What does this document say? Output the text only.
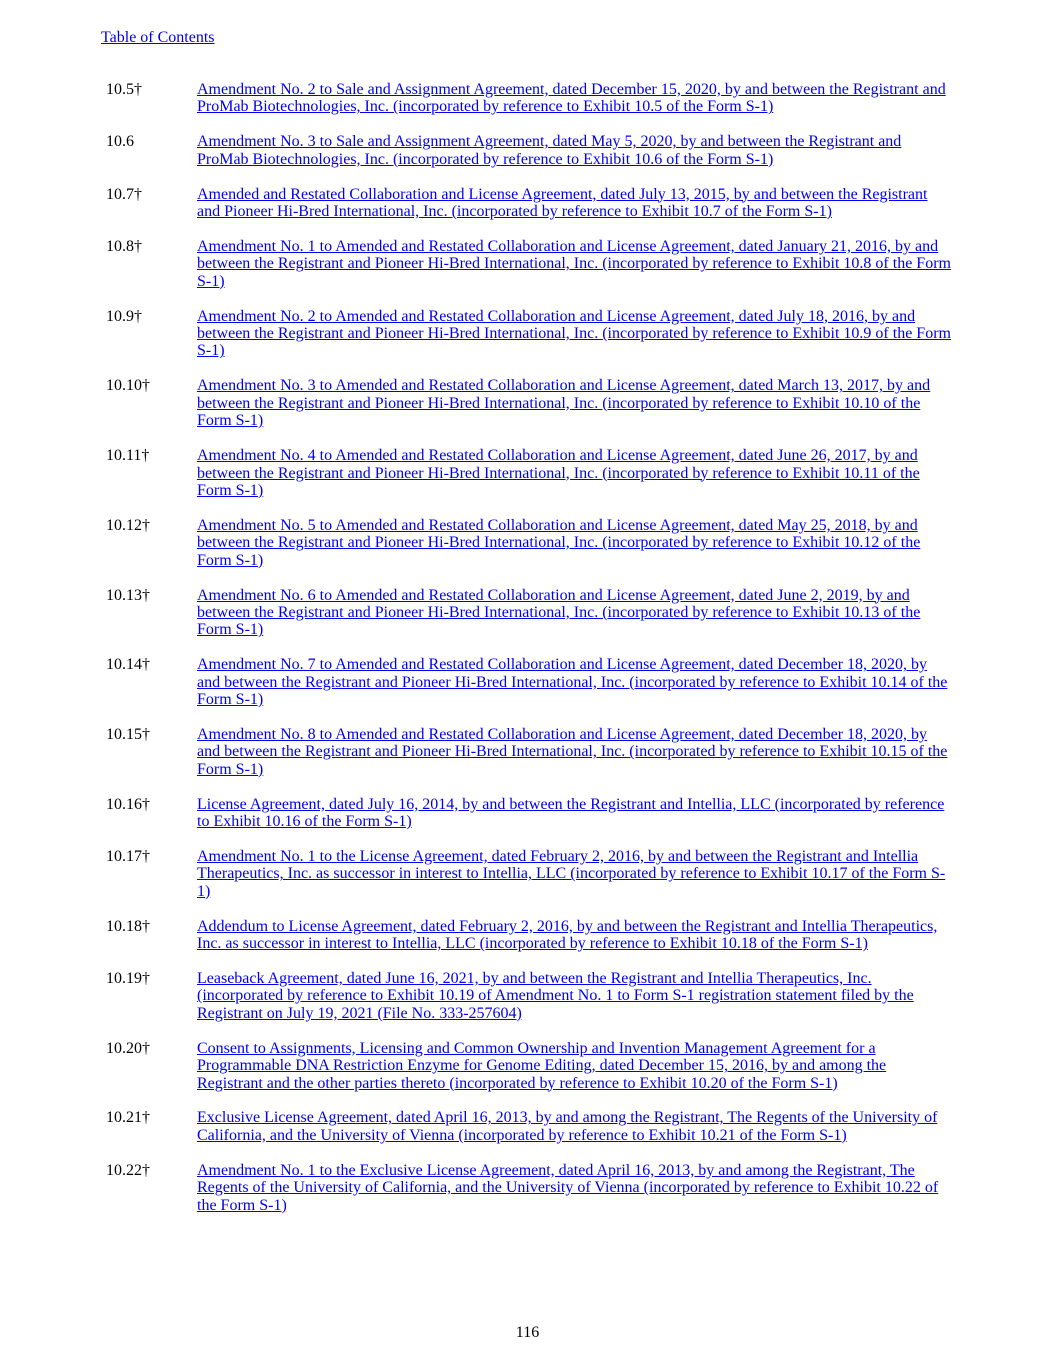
Table of Contents
10.5†	Amendment No. 2 to Sale and Assignment Agreement, dated December 15, 2020, by and between the Registrant and ProMab Biotechnologies, Inc. (incorporated by reference to Exhibit 10.5 of the Form S-1)
10.6	Amendment No. 3 to Sale and Assignment Agreement, dated May 5, 2020, by and between the Registrant and ProMab Biotechnologies, Inc. (incorporated by reference to Exhibit 10.6 of the Form S-1)
10.7†	Amended and Restated Collaboration and License Agreement, dated July 13, 2015, by and between the Registrant and Pioneer Hi-Bred International, Inc. (incorporated by reference to Exhibit 10.7 of the Form S-1)
10.8†	Amendment No. 1 to Amended and Restated Collaboration and License Agreement, dated January 21, 2016, by and between the Registrant and Pioneer Hi-Bred International, Inc. (incorporated by reference to Exhibit 10.8 of the Form S-1)
10.9†	Amendment No. 2 to Amended and Restated Collaboration and License Agreement, dated July 18, 2016, by and between the Registrant and Pioneer Hi-Bred International, Inc. (incorporated by reference to Exhibit 10.9 of the Form S-1)
10.10†	Amendment No. 3 to Amended and Restated Collaboration and License Agreement, dated March 13, 2017, by and between the Registrant and Pioneer Hi-Bred International, Inc. (incorporated by reference to Exhibit 10.10 of the Form S-1)
10.11†	Amendment No. 4 to Amended and Restated Collaboration and License Agreement, dated June 26, 2017, by and between the Registrant and Pioneer Hi-Bred International, Inc. (incorporated by reference to Exhibit 10.11 of the Form S-1)
10.12†	Amendment No. 5 to Amended and Restated Collaboration and License Agreement, dated May 25, 2018, by and between the Registrant and Pioneer Hi-Bred International, Inc. (incorporated by reference to Exhibit 10.12 of the Form S-1)
10.13†	Amendment No. 6 to Amended and Restated Collaboration and License Agreement, dated June 2, 2019, by and between the Registrant and Pioneer Hi-Bred International, Inc. (incorporated by reference to Exhibit 10.13 of the Form S-1)
10.14†	Amendment No. 7 to Amended and Restated Collaboration and License Agreement, dated December 18, 2020, by and between the Registrant and Pioneer Hi-Bred International, Inc. (incorporated by reference to Exhibit 10.14 of the Form S-1)
10.15†	Amendment No. 8 to Amended and Restated Collaboration and License Agreement, dated December 18, 2020, by and between the Registrant and Pioneer Hi-Bred International, Inc. (incorporated by reference to Exhibit 10.15 of the Form S-1)
10.16†	License Agreement, dated July 16, 2014, by and between the Registrant and Intellia, LLC (incorporated by reference to Exhibit 10.16 of the Form S-1)
10.17†	Amendment No. 1 to the License Agreement, dated February 2, 2016, by and between the Registrant and Intellia Therapeutics, Inc. as successor in interest to Intellia, LLC (incorporated by reference to Exhibit 10.17 of the Form S-1)
10.18†	Addendum to License Agreement, dated February 2, 2016, by and between the Registrant and Intellia Therapeutics, Inc. as successor in interest to Intellia, LLC (incorporated by reference to Exhibit 10.18 of the Form S-1)
10.19†	Leaseback Agreement, dated June 16, 2021, by and between the Registrant and Intellia Therapeutics, Inc. (incorporated by reference to Exhibit 10.19 of Amendment No. 1 to Form S-1 registration statement filed by the Registrant on July 19, 2021 (File No. 333-257604)
10.20†	Consent to Assignments, Licensing and Common Ownership and Invention Management Agreement for a Programmable DNA Restriction Enzyme for Genome Editing, dated December 15, 2016, by and among the Registrant and the other parties thereto (incorporated by reference to Exhibit 10.20 of the Form S-1)
10.21†	Exclusive License Agreement, dated April 16, 2013, by and among the Registrant, The Regents of the University of California, and the University of Vienna (incorporated by reference to Exhibit 10.21 of the Form S-1)
10.22†	Amendment No. 1 to the Exclusive License Agreement, dated April 16, 2013, by and among the Registrant, The Regents of the University of California, and the University of Vienna (incorporated by reference to Exhibit 10.22 of the Form S-1)
116
